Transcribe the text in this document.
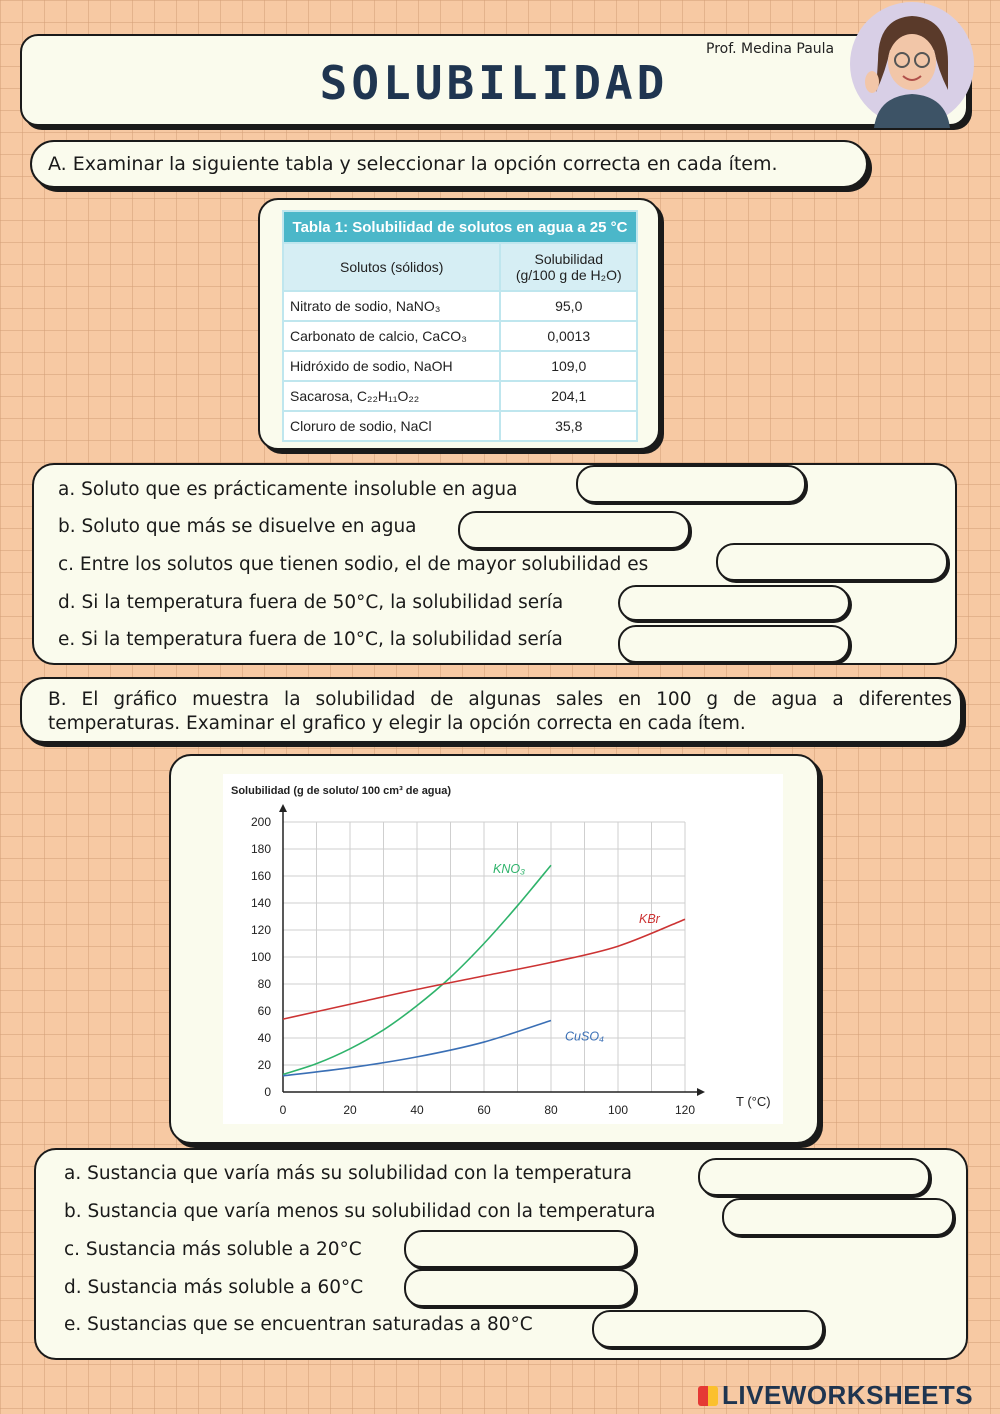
SOLUBILIDAD
Prof. Medina Paula
A. Examinar la siguiente tabla y seleccionar la opción correcta en cada ítem.
Tabla 1: Solubilidad de solutos en agua a 25 °C	
Solutos (sólidos)	Solubilidad
(g/100 g de H₂O)

Nitrato de sodio, NaNO₃	95,0
Carbonato de calcio, CaCO₃	0,0013
Hidróxido de sodio, NaOH	109,0
Sacarosa, C₂₂H₁₁O₂₂	204,1
Cloruro de sodio, NaCl	35,8
a. Soluto que es prácticamente insoluble en agua
b. Soluto que más se disuelve en agua
c. Entre los solutos que tienen sodio, el de mayor solubilidad es
d. Si la temperatura fuera de 50°C, la solubilidad sería
e. Si la temperatura fuera de 10°C, la solubilidad sería
B. El gráfico muestra la solubilidad de algunas sales en 100 g de agua a diferentes temperaturas. Examinar el grafico y elegir la opción correcta en cada ítem.
Solubilidad (g de soluto/ 100 cm³ de agua)
0	20	40	60	80	100	120
0
20
40
60
80
100
120
140
160
180
200
KNO₃
KBr
CuSO₄
T (°C)
a. Sustancia que varía más su solubilidad con la temperatura
b. Sustancia que varía menos su solubilidad con la temperatura
c. Sustancia más soluble a 20°C
d. Sustancia más soluble a 60°C
e. Sustancias que se encuentran saturadas a 80°C
LIVEWORKSHEETS
